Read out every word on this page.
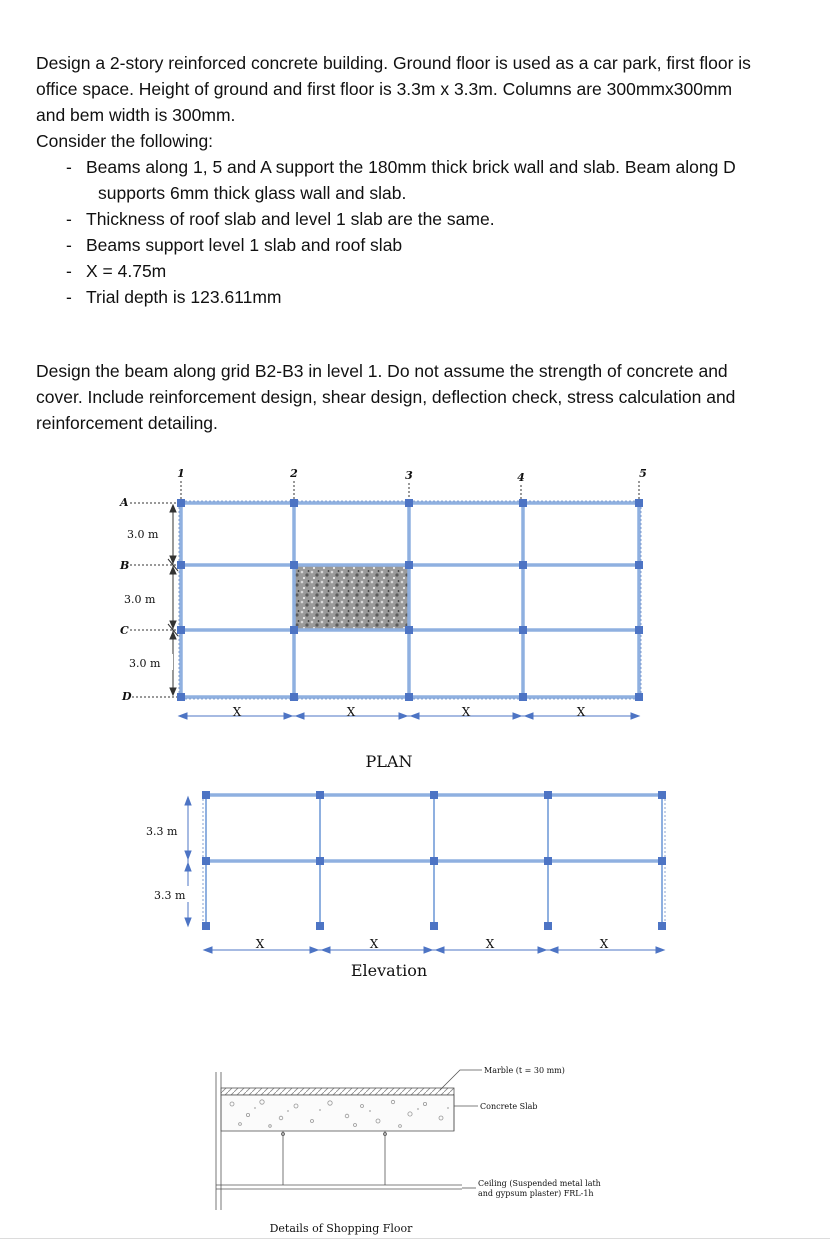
Design a 2-story reinforced concrete building. Ground floor is used as a car park, first floor is

office space. Height of ground and first floor is 3.3m x 3.3m. Columns are 300mmx300mm

and bem width is 300mm.

Consider the following:

- Beams along 1, 5 and A support the 180mm thick brick wall and slab. Beam along D
supports 6mm thick glass wall and slab.
- Thickness of roof slab and level 1 slab are the same.
- Beams support level 1 slab and roof slab
- X = 4.75m
- Trial depth is 123.611mm

Design the beam along grid B2-B3 in level 1. Do not assume the strength of concrete and

cover. Include reinforcement design, shear design, deflection check, stress calculation and

reinforcement detailing.

1	2	3	4	5
A
B
C
D
3.0 m
3.0 m
3.0 m
X	X	X	X
PLAN
3.3 m
3.3 m
X	X	X	X
Elevation
Marble (t = 30 mm)
Concrete Slab
Ceiling (Suspended metal lath
and gypsum plaster) FRL-1h
Details of Shopping Floor
